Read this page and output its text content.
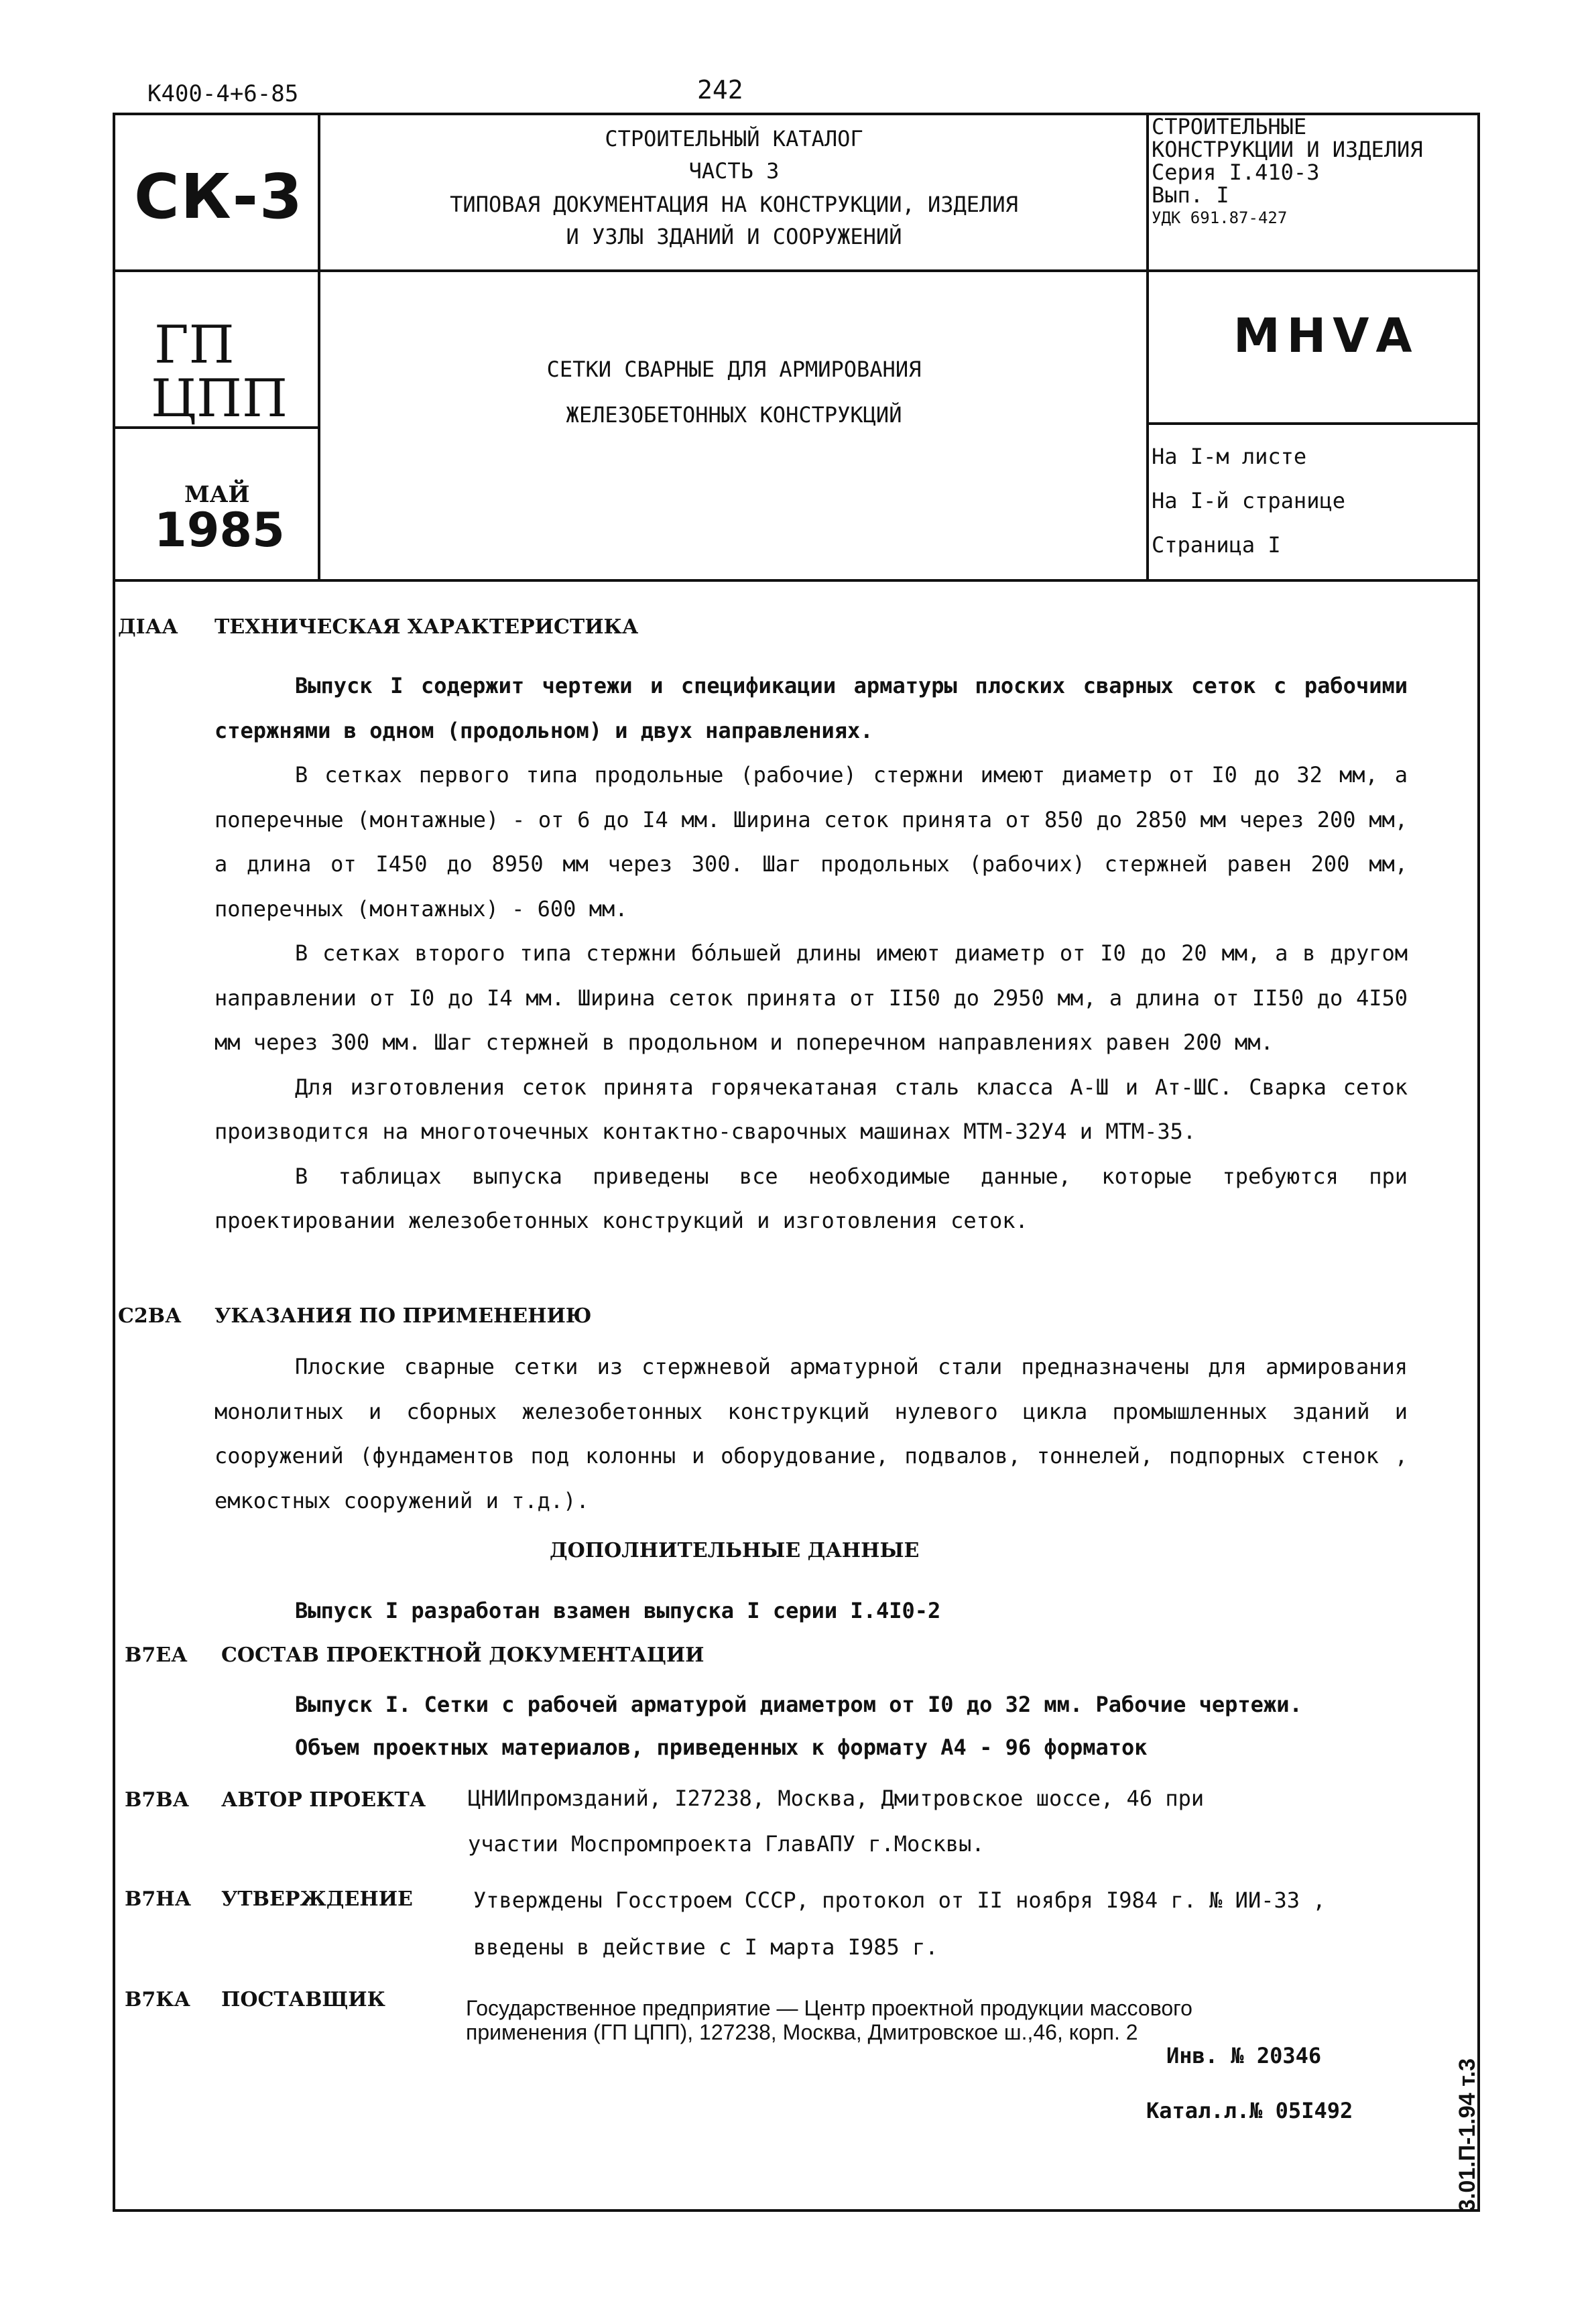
К400-4+6-85	242
СК-3
ГП
ЦПП
МАЙ
1985
СТРОИТЕЛЬНЫЙ КАТАЛОГ
ЧАСТЬ 3
ТИПОВАЯ ДОКУМЕНТАЦИЯ НА КОНСТРУКЦИИ, ИЗДЕЛИЯ
И УЗЛЫ ЗДАНИЙ И СООРУЖЕНИЙ
СЕТКИ СВАРНЫЕ ДЛЯ АРМИРОВАНИЯ
ЖЕЛЕЗОБЕТОННЫХ КОНСТРУКЦИЙ
СТРОИТЕЛЬНЫЕ
КОНСТРУКЦИИ И ИЗДЕЛИЯ
Серия I.410-3
Вып. I
УДК 691.87-427
МНVА
На I-м листе
На I-й странице
Страница I
ДIАА ТЕХНИЧЕСКАЯ ХАРАКТЕРИСТИКА

Выпуск I содержит чертежи и спецификации арматуры плоских сварных сеток с рабочими стержнями в одном (продольном) и двух направлениях.

В сетках первого типа продольные (рабочие) стержни имеют диаметр от I0 до 32 мм, а поперечные (монтажные) - от 6 до I4 мм. Ширина сеток принята от 850 до 2850 мм через 200 мм, а длина от I450 до 8950 мм через 300. Шаг продольных (рабочих) стержней равен 200 мм, поперечных (монтажных) - 600 мм.

В сетках второго типа стержни бо́льшей длины имеют диаметр от I0 до 20 мм, а в другом направлении от I0 до I4 мм. Ширина сеток принята от II50 до 2950 мм, а длина от II50 до 4I50 мм через 300 мм. Шаг стержней в продольном и поперечном направлениях равен 200 мм.

Для изготовления сеток принята горячекатаная сталь класса А-Ш и Ат-ШС. Сварка сеток производится на многоточечных контактно-сварочных машинах МТМ-32У4 и МТМ-35.

В таблицах выпуска приведены все необходимые данные, которые требуются при проектировании железобетонных конструкций и изготовления сеток.

С2ВА УКАЗАНИЯ ПО ПРИМЕНЕНИЮ

Плоские сварные сетки из стержневой арматурной стали предназначены для армирования монолитных и сборных железобетонных конструкций нулевого цикла промышленных зданий и сооружений (фундаментов под колонны и оборудование, подвалов, тоннелей, подпорных стенок , емкостных сооружений и т.д.).

ДОПОЛНИТЕЛЬНЫЕ ДАННЫЕ
Выпуск I разработан взамен выпуска I серии I.4I0-2
В7ЕА СОСТАВ ПРОЕКТНОЙ ДОКУМЕНТАЦИИ
Выпуск I. Сетки с рабочей арматурой диаметром от I0 до 32 мм. Рабочие чертежи.
Объем проектных материалов, приведенных к формату А4 - 96 форматок
В7ВА АВТОР ПРОЕКТА ЦНИИпромзданий, I27238, Москва, Дмитровское шоссе, 46 при
участии Моспромпроекта ГлавАПУ г.Москвы.
В7НА УТВЕРЖДЕНИЕ	Утверждены Госстроем СССР, протокол от II ноября I984 г. № ИИ-33 ,
введены в действие с I марта I985 г.
В7КА ПОСТАВЩИК	Государственное предприятие — Центр проектной продукции массового
применения (ГП ЦПП), 127238, Москва, Дмитровское ш.,46, корп. 2
Инв. № 20346
Катал.л.№ 05I492	3.01.П-1.94 т.3
